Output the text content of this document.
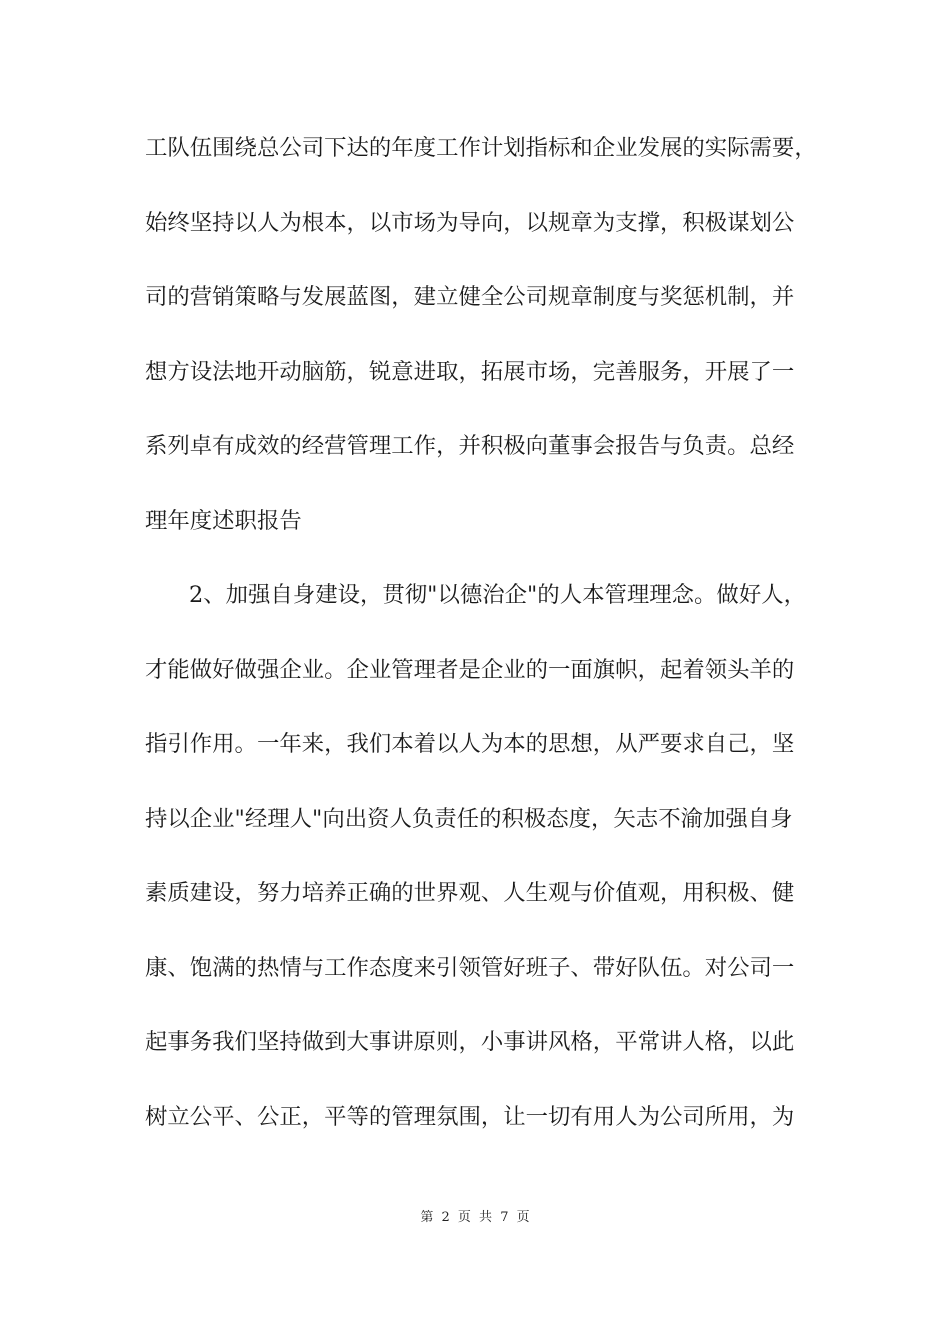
工队伍围绕总公司下达的年度工作计划指标和企业发展的实际需要，
始终坚持以人为根本，以市场为导向，以规章为支撑，积极谋划公
司的营销策略与发展蓝图，建立健全公司规章制度与奖惩机制，并
想方设法地开动脑筋，锐意进取，拓展市场，完善服务，开展了一
系列卓有成效的经营管理工作，并积极向董事会报告与负责。总经
理年度述职报告
2、加强自身建设，贯彻"以德治企"的人本管理理念。做好人，
才能做好做强企业。企业管理者是企业的一面旗帜，起着领头羊的
指引作用。一年来，我们本着以人为本的思想，从严要求自己，坚
持以企业"经理人"向出资人负责任的积极态度，矢志不渝加强自身
素质建设，努力培养正确的世界观、人生观与价值观，用积极、健
康、饱满的热情与工作态度来引领管好班子、带好队伍。对公司一
起事务我们坚持做到大事讲原则，小事讲风格，平常讲人格，以此
树立公平、公正，平等的管理氛围，让一切有用人为公司所用，为
第 2 页 共 7 页
